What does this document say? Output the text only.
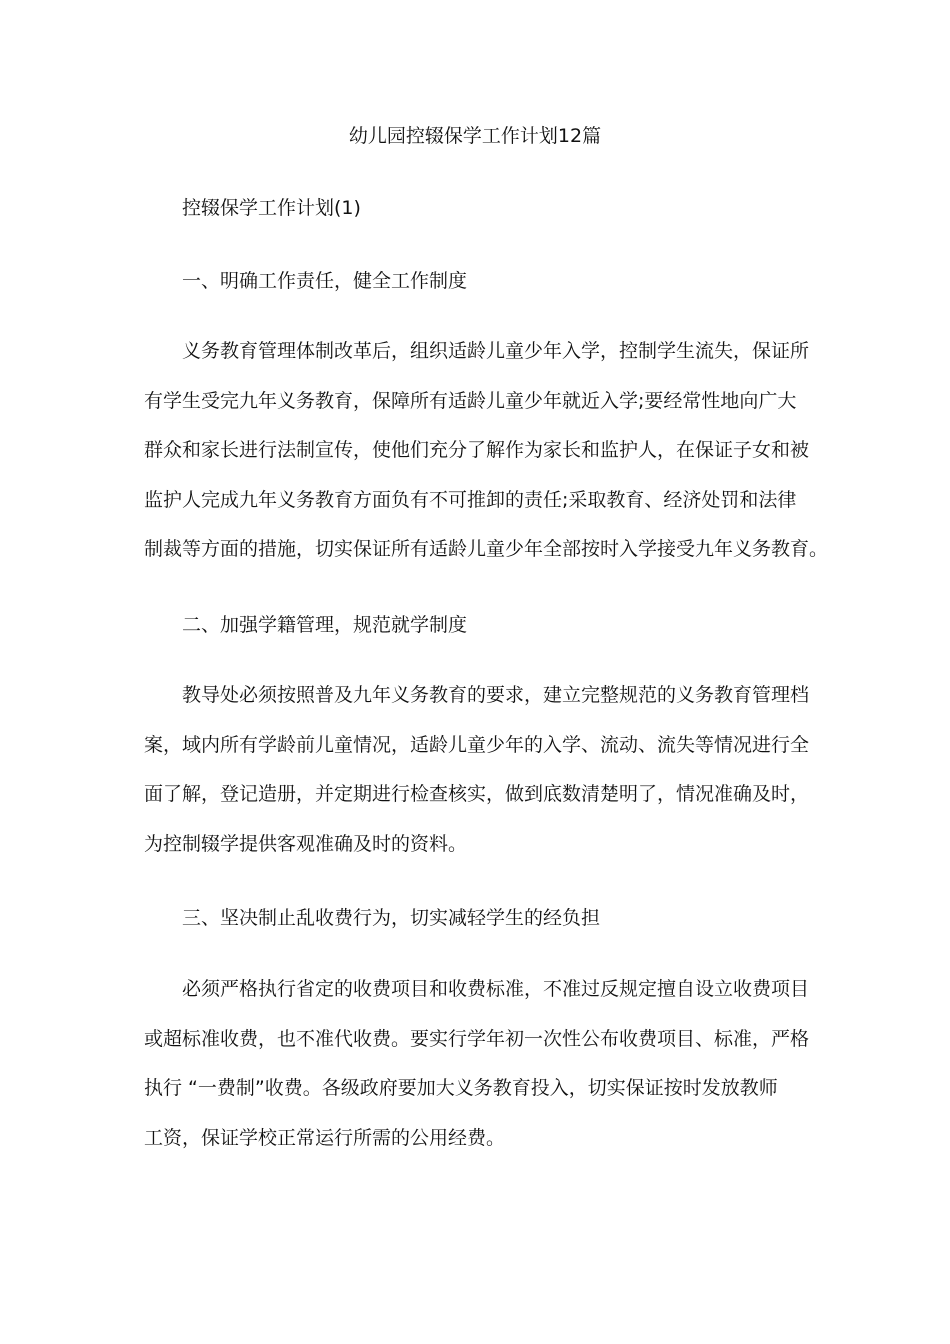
幼儿园控辍保学工作计划12篇

控辍保学工作计划(1)

一、明确工作责任，健全工作制度

义务教育管理体制改革后，组织适龄儿童少年入学，控制学生流失，保证所
有学生受完九年义务教育，保障所有适龄儿童少年就近入学;要经常性地向广大
群众和家长进行法制宣传，使他们充分了解作为家长和监护人，在保证子女和被
监护人完成九年义务教育方面负有不可推卸的责任;采取教育、经济处罚和法律
制裁等方面的措施，切实保证所有适龄儿童少年全部按时入学接受九年义务教育。

二、加强学籍管理，规范就学制度

教导处必须按照普及九年义务教育的要求，建立完整规范的义务教育管理档
案，域内所有学龄前儿童情况，适龄儿童少年的入学、流动、流失等情况进行全
面了解，登记造册，并定期进行检查核实，做到底数清楚明了，情况准确及时，
为控制辍学提供客观准确及时的资料。

三、坚决制止乱收费行为，切实减轻学生的经负担

必须严格执行省定的收费项目和收费标准，不准过反规定擅自设立收费项目
或超标准收费，也不准代收费。要实行学年初一次性公布收费项目、标准，严格
执行 “一费制”收费。各级政府要加大义务教育投入，切实保证按时发放教师
工资，保证学校正常运行所需的公用经费。
